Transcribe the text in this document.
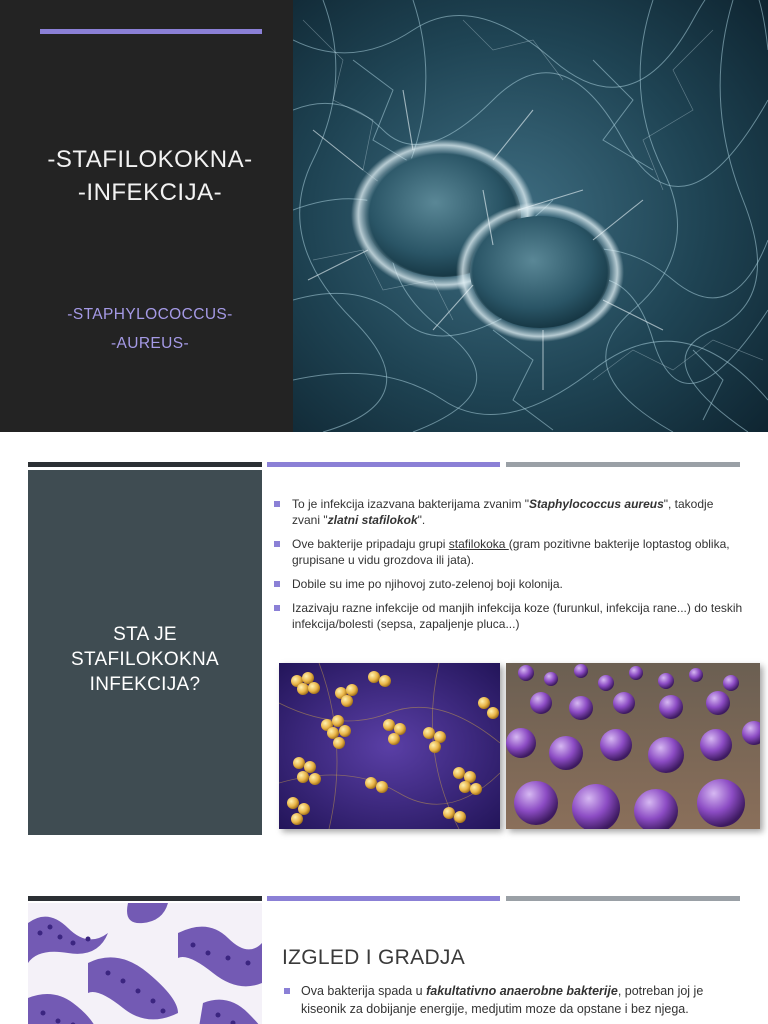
-STAFILOKOKNA-
-INFEKCIJA-
-STAPHYLOCOCCUS-
-AUREUS-
STA JE
STAFILOKOKNA
INFEKCIJA?
To je infekcija izazvana bakterijama zvanim "Staphylococcus aureus", takodje zvani "zlatni stafilokok".
Ove bakterije pripadaju grupi stafilokoka (gram pozitivne bakterije loptastog oblika, grupisane u vidu grozdova ili jata).
Dobile su ime po njihovoj zuto-zelenoj boji kolonija.
Izazivaju razne infekcije od manjih infekcija koze (furunkul, infekcija rane...) do teskih infekcija/bolesti (sepsa, zapaljenje pluca...)
IZGLED I GRADJA
Ova bakterija spada u fakultativno anaerobne bakterije, potreban joj je kiseonik za dobijanje energije, medjutim moze da opstane i bez njega.
